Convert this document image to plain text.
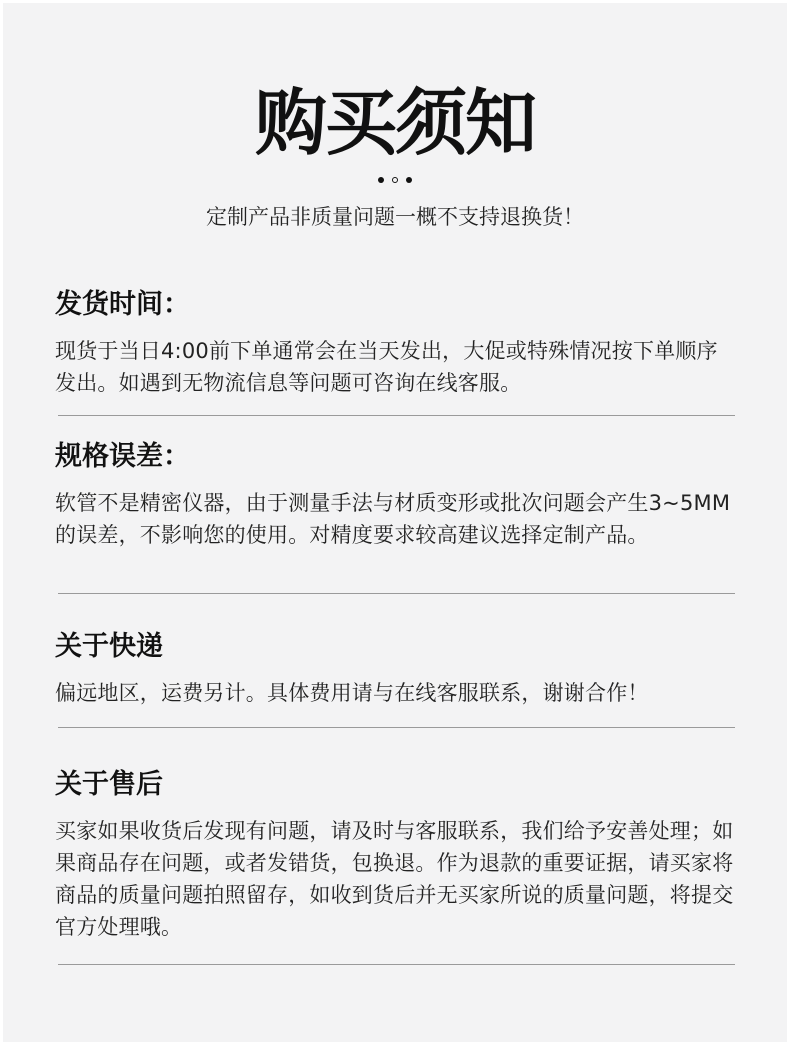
购买须知
定制产品非质量问题一概不支持退换货！
发货时间：
现货于当日4:00前下单通常会在当天发出，大促或特殊情况按下单顺序发出。如遇到无物流信息等问题可咨询在线客服。
规格误差：
软管不是精密仪器，由于测量手法与材质变形或批次问题会产生3~5MM的误差，不影响您的使用。对精度要求较高建议选择定制产品。
关于快递
偏远地区，运费另计。具体费用请与在线客服联系，谢谢合作！
关于售后
买家如果收货后发现有问题，请及时与客服联系，我们给予安善处理；如果商品存在问题，或者发错货，包换退。作为退款的重要证据，请买家将商品的质量问题拍照留存，如收到货后并无买家所说的质量问题，将提交官方处理哦。
